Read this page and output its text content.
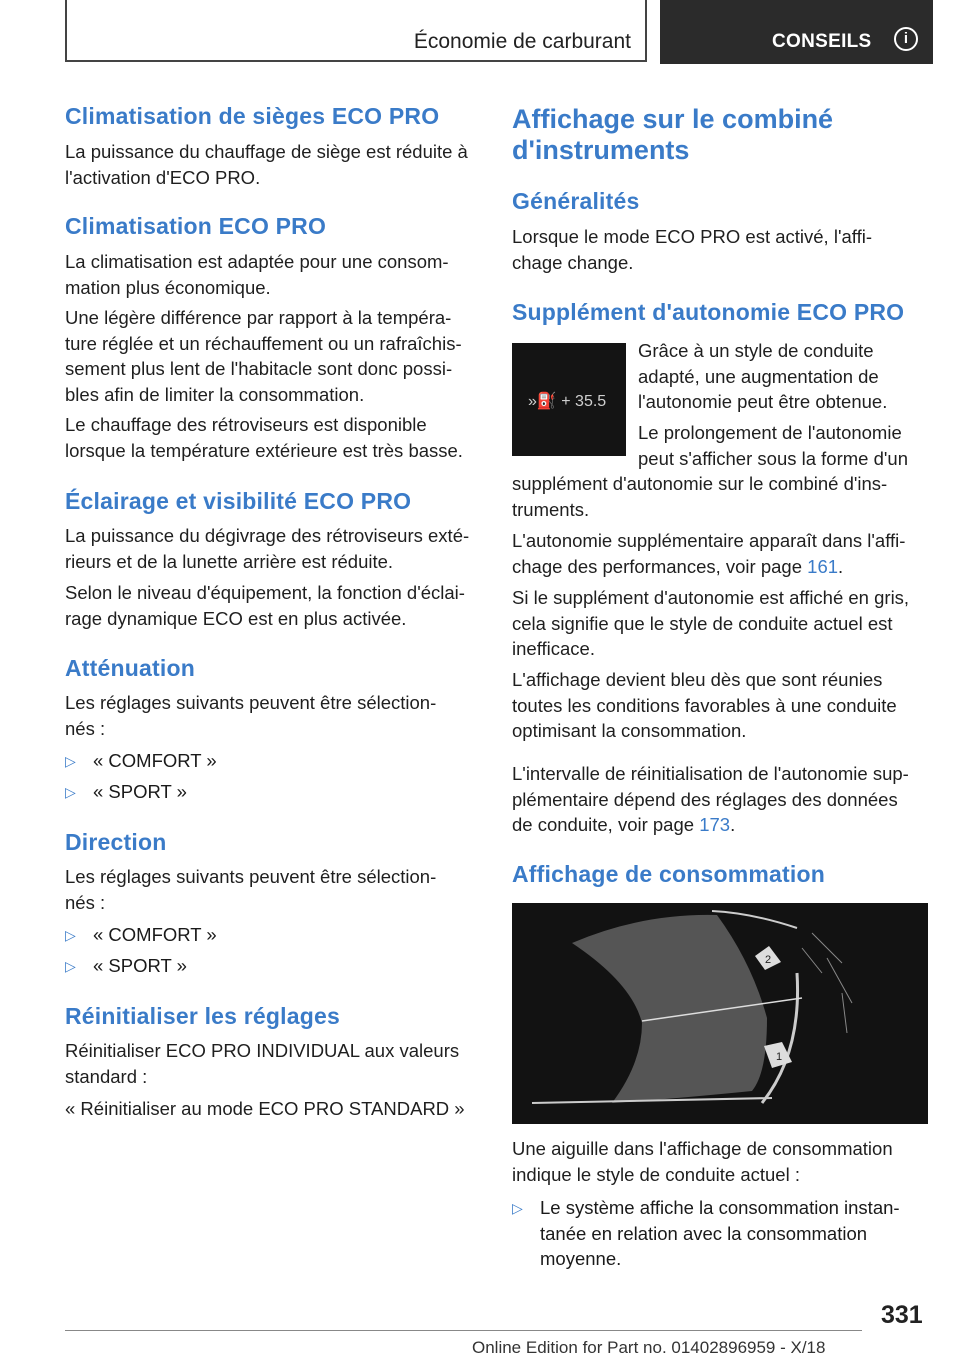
Économie de carburant	CONSEILS	i
Climatisation de sièges ECO PRO

La puissance du chauffage de siège est réduite à

l'activation d'ECO PRO.

Climatisation ECO PRO

La climatisation est adaptée pour une consom‐

mation plus économique.

Une légère différence par rapport à la tempéra‐

ture réglée et un réchauffement ou un rafraîchis‐

sement plus lent de l'habitacle sont donc possi‐

bles afin de limiter la consommation.

Le chauffage des rétroviseurs est disponible

lorsque la température extérieure est très basse.

Éclairage et visibilité ECO PRO

La puissance du dégivrage des rétroviseurs exté‐

rieurs et de la lunette arrière est réduite.

Selon le niveau d'équipement, la fonction d'éclai‐

rage dynamique ECO est en plus activée.

Atténuation

Les réglages suivants peuvent être sélection‐

nés :

▷ « COMFORT »
▷ « SPORT »
Direction

Les réglages suivants peuvent être sélection‐

nés :

▷ « COMFORT »
▷ « SPORT »
Réinitialiser les réglages

Réinitialiser ECO PRO INDIVIDUAL aux valeurs

standard :

« Réinitialiser au mode ECO PRO STANDARD »

Affichage sur le combiné
d'instruments
Généralités

Lorsque le mode ECO PRO est activé, l'affi‐

chage change.

Supplément d'autonomie ECO PRO

Grâce à un style de conduite

adapté, une augmentation de

l'autonomie peut être obtenue.

Le prolongement de l'autonomie

peut s'afficher sous la forme d'un

supplément d'autonomie sur le combiné d'ins‐

truments.

L'autonomie supplémentaire apparaît dans l'affi‐

chage des performances, voir page 161.

Si le supplément d'autonomie est affiché en gris,

cela signifie que le style de conduite actuel est

inefficace.

L'affichage devient bleu dès que sont réunies

toutes les conditions favorables à une conduite

optimisant la consommation.

L'intervalle de réinitialisation de l'autonomie sup‐

plémentaire dépend des réglages des données

de conduite, voir page 173.

Affichage de consommation

Une aiguille dans l'affichage de consommation

indique le style de conduite actuel :

▷ Le système affiche la consommation instan‐
tanée en relation avec la consommation
moyenne.
»⛽ + 35.5
2
1
331
Online Edition for Part no. 01402896959 - X/18
